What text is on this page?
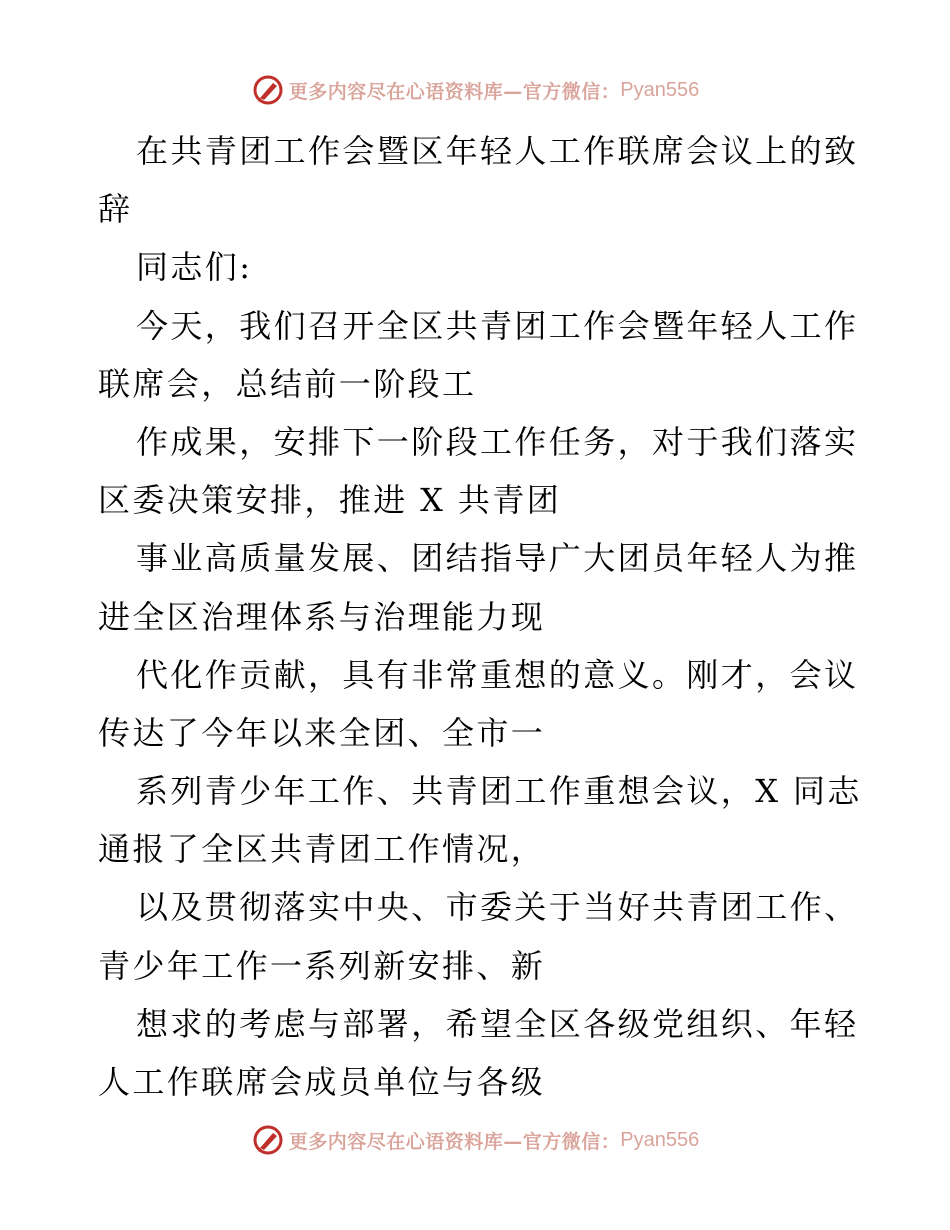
更多内容尽在心语资料库—官方微信： Pyan556
在共青团工作会暨区年轻人工作联席会议上的致
辞
同志们:
今天，我们召开全区共青团工作会暨年轻人工作
联席会，总结前一阶段工
作成果，安排下一阶段工作任务，对于我们落实
区委决策安排，推进 X 共青团
事业高质量发展、团结指导广大团员年轻人为推
进全区治理体系与治理能力现
代化作贡献，具有非常重想的意义。刚才，会议
传达了今年以来全团、全市一
系列青少年工作、共青团工作重想会议，X 同志
通报了全区共青团工作情况，
以及贯彻落实中央、市委关于当好共青团工作、
青少年工作一系列新安排、新
想求的考虑与部署，希望全区各级党组织、年轻
人工作联席会成员单位与各级
更多内容尽在心语资料库—官方微信： Pyan556
